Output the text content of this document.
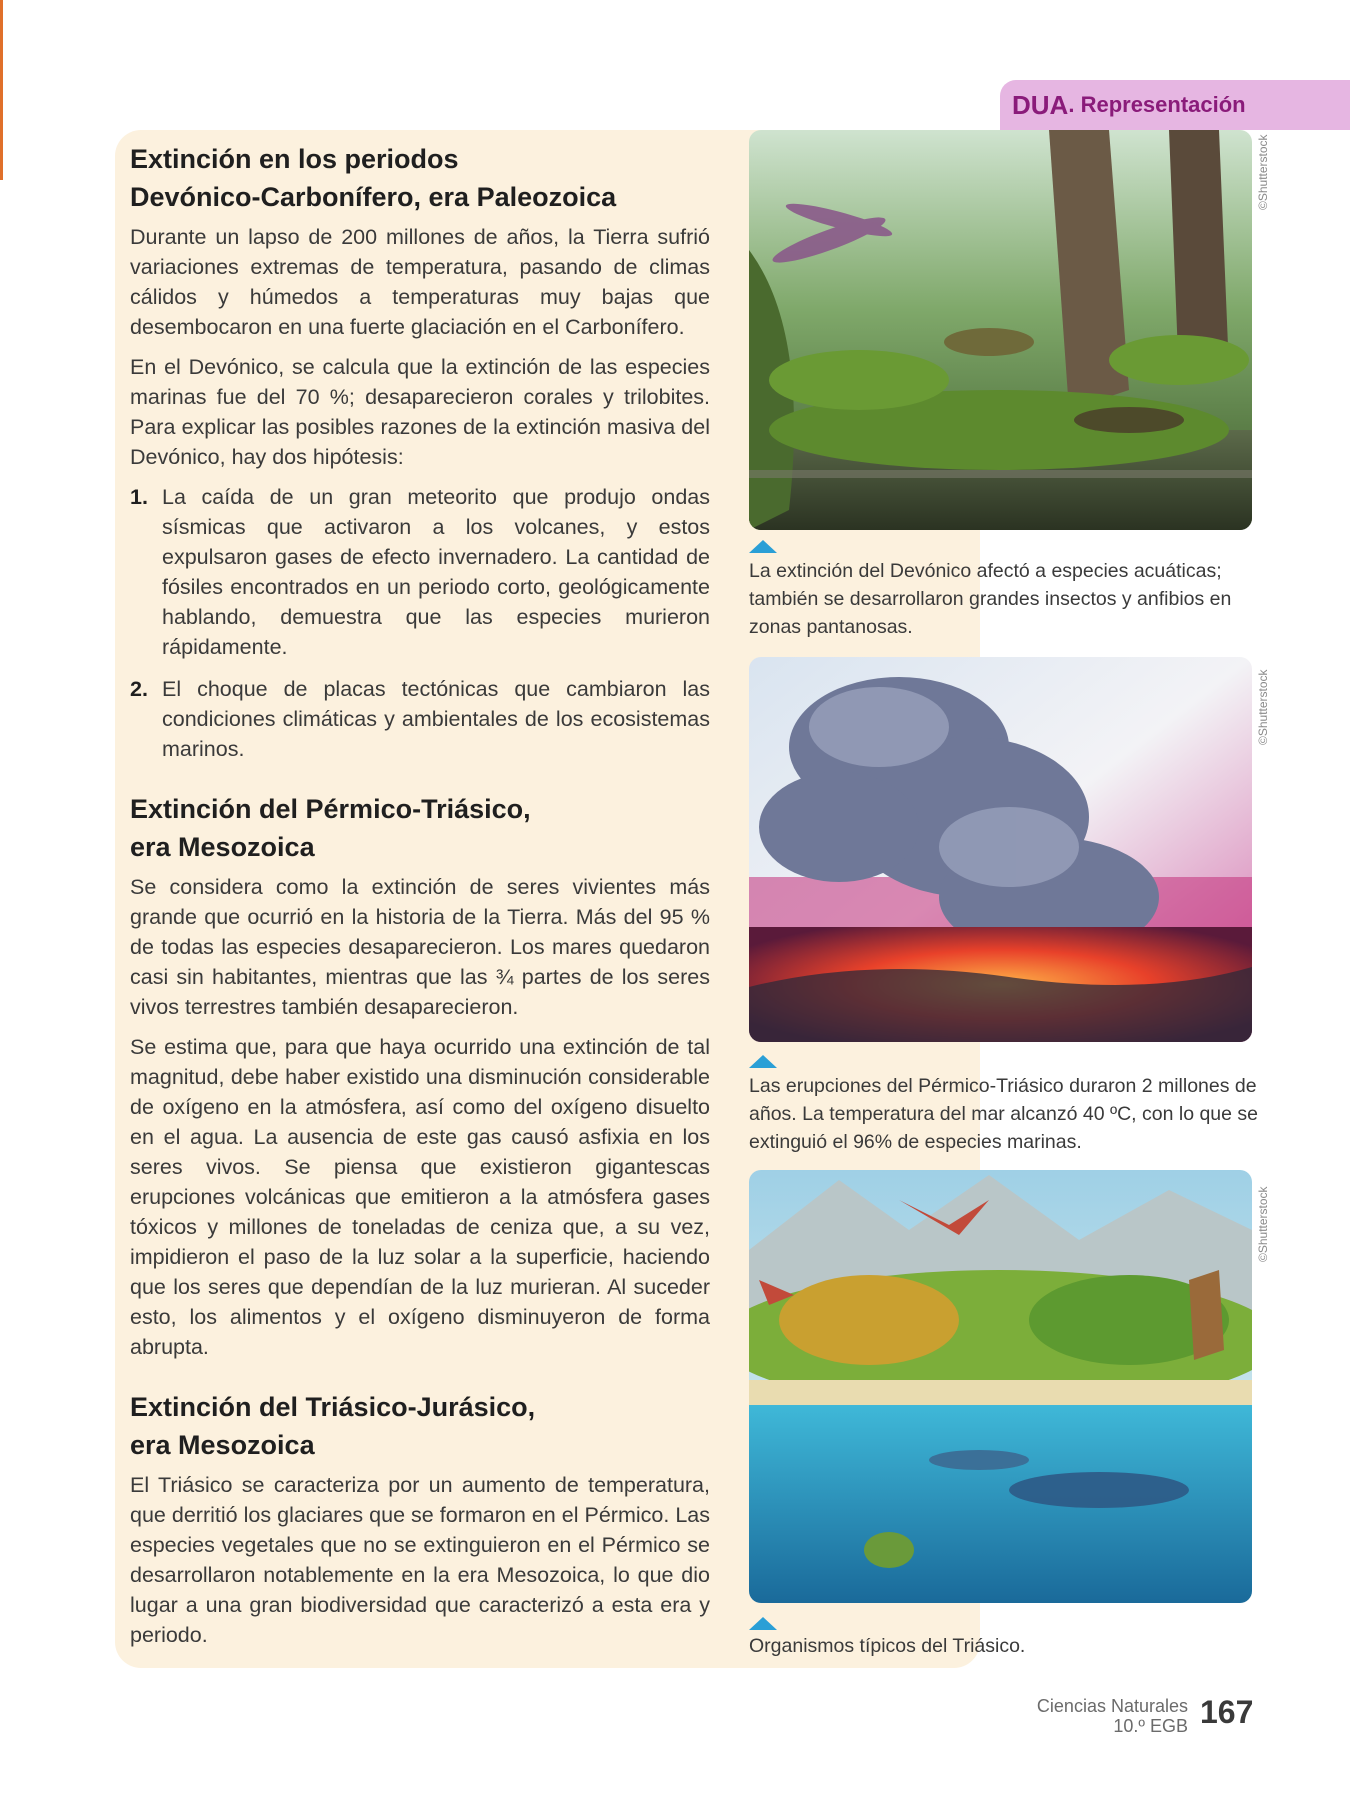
DUA . Representación
Extinción en los periodos
Devónico-Carbonífero, era Paleozoica

Durante un lapso de 200 millones de años, la Tierra sufrió variaciones extremas de temperatura, pasando de climas cálidos y húmedos a temperaturas muy bajas que desembocaron en una fuerte glaciación en el Carbonífero.

En el Devónico, se calcula que la extinción de las especies marinas fue del 70 %; desaparecieron corales y trilobites. Para explicar las posibles razones de la extinción masiva del Devónico, hay dos hipótesis:

1. La caída de un gran meteorito que produjo ondas sísmicas que activaron a los volcanes, y estos expulsaron gases de efecto invernadero. La cantidad de fósiles encontrados en un periodo corto, geológicamente hablando, demuestra que las especies murieron rápidamente.
2. El choque de placas tectónicas que cambiaron las condiciones climáticas y ambientales de los ecosistemas marinos.
Extinción del Pérmico-Triásico,
era Mesozoica

Se considera como la extinción de seres vivientes más grande que ocurrió en la historia de la Tierra. Más del 95 % de todas las especies desaparecieron. Los mares quedaron casi sin habitantes, mientras que las ¾ partes de los seres vivos terrestres también desaparecieron.

Se estima que, para que haya ocurrido una extinción de tal magnitud, debe haber existido una disminución considerable de oxígeno en la atmósfera, así como del oxígeno disuelto en el agua. La ausencia de este gas causó asfixia en los seres vivos. Se piensa que existieron gigantescas erupciones volcánicas que emitieron a la atmósfera gases tóxicos y millones de toneladas de ceniza que, a su vez, impidieron el paso de la luz solar a la superficie, haciendo que los seres que dependían de la luz murieran. Al suceder esto, los alimentos y el oxígeno disminuyeron de forma abrupta.

Extinción del Triásico-Jurásico,
era Mesozoica

El Triásico se caracteriza por un aumento de temperatura, que derritió los glaciares que se formaron en el Pérmico. Las especies vegetales que no se extinguieron en el Pérmico se desarrollaron notablemente en la era Mesozoica, lo que dio lugar a una gran biodiversidad que caracterizó a esta era y periodo.

©Shutterstock
La extinción del Devónico afectó a especies acuáticas; también se desarrollaron grandes insectos y anfibios en zonas pantanosas.
©Shutterstock
Las erupciones del Pérmico-Triásico duraron 2 millones de años. La temperatura del mar alcanzó 40 ºC, con lo que se extinguió el 96% de especies marinas.
©Shutterstock
Organismos típicos del Triásico.
Ciencias Naturales
10.º EGB 167
